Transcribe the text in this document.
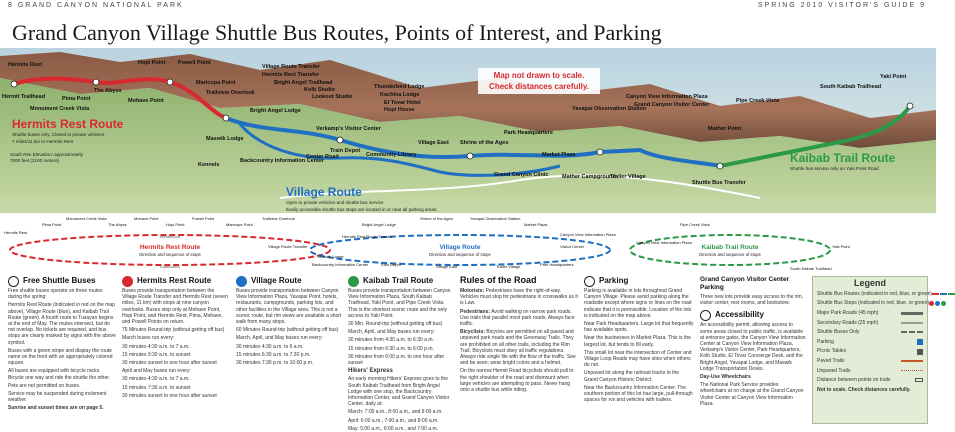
8 GRAND CANYON NATIONAL PARK	SPRING 2010 VISITOR'S GUIDE 9
Grand Canyon Village Shuttle Bus Routes, Points of Interest, and Parking
Hermits Rest
Hermit Trailhead	Pima Point
Monument Creek Vista
The Abyss
Hopi Point Powell Point
Mohave Point
Maricopa Point
Trailview Overlook
Village Route Transfer
Hermits Rest Transfer
Bright Angel Trailhead
Kolb Studio
Lookout Studio
Thunderbird Lodge
Kachina Lodge
El Tovar Hotel
Hopi House
Verkamp's Visitor Center
Bright Angel Lodge
Maswik Lodge
Train Depot
Center Road	Community Library
Village East Shrine of the Ages
Market Plaza
Yavapai Observation Station
Canyon View Information Plaza
Grand Canyon Visitor Center
Mather Point
Mather Campground
Trailer Village
Shuttle Bus Transfer
Pipe Creek Vista
South Kaibab Trailhead
Yaki Point
Backcountry Information Center
Kennels
Park Headquarters
Grand Canyon Clinic
Map not drawn to scale.
Check distances carefully.
Hermits Rest Route
Shuttle buses only. Closed to private vehicles.
7 miles/11 km to Hermits Rest
Village Route
Open to private vehicles and shuttle bus service.
Easily accessible shuttle bus stops are located in or near all parking areas.
Kaibab Trail Route
Shuttle bus service only on Yaki Point Road
South Rim Elevation: approximately
7000 feet (2100 meters)
Hermits Rest Route
Direction and sequence of stops
Village Route
Direction and sequence of stops
Kaibab Trail Route
Direction and sequence of stops
Westbound
Eastbound
Hermits Rest
Pima Point
Monument Creek Vista
The Abyss
Mohave Point
Hopi Point
Powell Point
Maricopa Point
Trailview Overlook
Village Route Transfer
Hermits Rest Route Transfer
Bright Angel Lodge
Shrine of the Ages	Yavapai Observation Station
Market Plaza
Canyon View Information Plaza
Visitor Center
Park Headquarters
Train Depot	Village East	Trailer Village
Backcountry Information Center
Maswik Lodge
Pipe Creek Vista
Canyon View Information Plaza
Yaki Point
South Kaibab Trailhead
Free Shuttle Buses

Free shuttle buses operate on three routes during the spring:

Hermits Rest Route (indicated in red on the map above), Village Route (blue), and Kaibab Trail Route (green). A fourth route to Tusayan begins at the end of May. The routes intersect, but do not overlap. No tickets are required, and bus stops are clearly marked by signs with the above symbol.

Buses with a green stripe and display the route name on the front with an appropriately colored square.

All buses are equipped with bicycle racks. Bicycle one way and ride the shuttle the other.

Pets are not permitted on buses.

Service may be suspended during inclement weather.

Sunrise and sunset times are on page 5.

Hermits Rest Route

Buses provide transportation between the Village Route Transfer and Hermits Rest (seven miles, 11 km) with stops at nine canyon overlooks. Buses stop only at Mohave Point, Hopi Point, and Hermits Rest, Pima, Mohave, and Powell Points on return.

75 Minutes Round-trip (without getting off bus)

March buses run every:

30 minutes 4:30 a.m. to 7 a.m.

15 minutes 9:30 a.m. to sunset

30 minutes sunset to one hour after sunset

April and May buses run every:

30 minutes 4:30 a.m. to 7 a.m.

15 minutes 7:30 a.m. to sunset

30 minutes sunset to one hour after sunset

Village Route

Buses provide transportation between Canyon View Information Plaza, Yavapai Point, hotels, restaurants, campgrounds, parking lots, and other facilities in the Village area. This is not a scenic route, but rim views are available a short walk from many stops.

60 Minutes Round-trip (without getting off bus)

March, April, and May buses run every:

30 minutes 4:30 a.m. to 6 a.m.

15 minutes 6:30 a.m. to 7:30 p.m.

30 minutes 7:30 p.m. to 10:00 p.m.

Kaibab Trail Route

Buses provide transportation between Canyon View Information Plaza, South Kaibab Trailhead, Yaki Point, and Pipe Creek Vista. This is the shortest scenic route and the only access to Yaki Point.

30 Min. Round-trip (without getting off bus)

March, April, and May buses run every:

30 minutes from 4:30 a.m. to 6:30 a.m.

15 minutes from 6:30 a.m. to 6:00 p.m.

30 minutes from 6:00 p.m. to one hour after sunset

Hikers' Express

An early morning Hikers' Express goes to the South Kaibab Trailhead from Bright Angel Lodge with one stop, the Backcountry Information Center, and Grand Canyon Visitor Center, daily at:

March: 7:00 a.m., 8:00 a.m., and 9:00 a.m.

April: 6:00 a.m., 7:00 a.m., and 8:00 a.m.

May: 5:00 a.m., 6:00 a.m., and 7:00 a.m.

Rules of the Road

Motorists: Pedestrians have the right-of-way. Vehicles must stop for pedestrians in crosswalks as it is Law.

Pedestrians: Avoid walking on narrow park roads. Use trails that parallel most park roads. Always face traffic.

Bicyclists: Bicycles are permitted on all paved and unpaved park roads and the Greenway Trails. They are prohibited on all other trails, including the Rim Trail. Bicyclists must obey all traffic regulations. Always ride single file with the flow of the traffic. See and be seen; wear bright colors and a helmet.

On the narrow Hermit Road bicyclists should pull to the right shoulder of the road and dismount when large vehicles are attempting to pass. Never hang onto a shuttle bus while riding.

Parking

Parking is available in lots throughout Grand Canyon Village. Please avoid parking along the roadside except where signs or lines on the road indicate that it is permissible. Location of the lots is indicated on the map above.

Near Park Headquarters. Large lot that frequently has available spots.

Near the businesses in Market Plaza. This is the largest lot, but tends to fill early.

This small lot near the intersection of Center and Village Loop Roads may have sites when others do not.

Unpaved lot along the railroad tracks in the Grand Canyon Historic District.

Near the Backcountry Information Center. The southern portion of this lot has large, pull-through spaces for rvs and vehicles with trailers.

Grand Canyon Visitor Center Parking

Three new lots provide easy access to the rim, visitor center, rest rooms, and bookstore.

Accessibility

An accessibility permit, allowing access to some areas closed to public traffic, is available at entrance gates, the Canyon View Information Center at Canyon View Information Plaza, Verkamp's Visitor Center, Park Headquarters, Kolb Studio, El Tovar Concierge Desk, and the Bright Angel, Yavapai Lodge, and Maswik Lodge Transportation Desks.

Day-Use Wheelchairs

The National Park Service provides wheelchairs at no charge at the Grand Canyon Visitor Center at Canyon View Information Plaza.

Legend
Shuttle Bus Routes (indicated in red, blue, or green)
Shuttle Bus Stops (indicated in red, blue, or green)
Major Park Roads (45 mph)
Secondary Roads (25 mph)
Shuttle Buses Only
Parking
Picnic Tables
Paved Trails
Unpaved Trails
Distance between points on trails
Not to scale. Check distances carefully.
